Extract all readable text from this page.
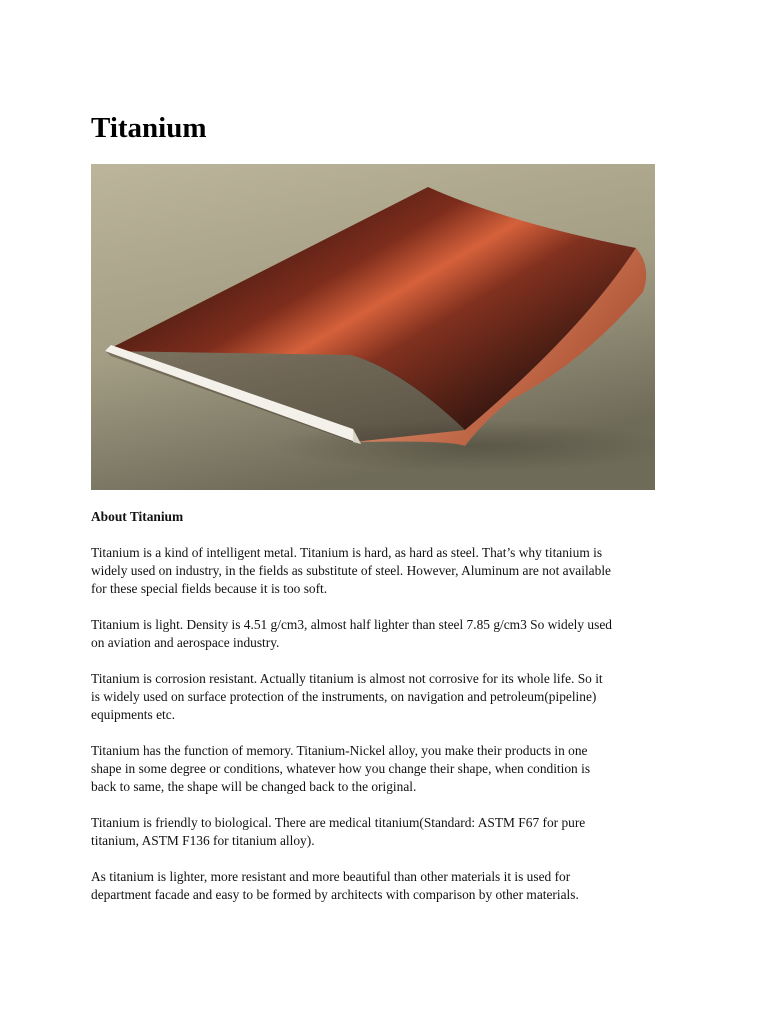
Titanium

About Titanium

Titanium is a kind of intelligent metal. Titanium is hard, as hard as steel. That’s why titanium is
widely used on industry, in the fields as substitute of steel. However, Aluminum are not available
for these special fields because it is too soft.

Titanium is light. Density is 4.51 g/cm3, almost half lighter than steel 7.85 g/cm3 So widely used
on aviation and aerospace industry.

Titanium is corrosion resistant. Actually titanium is almost not corrosive for its whole life. So it
is widely used on surface protection of the instruments, on navigation and petroleum(pipeline)
equipments etc.

Titanium has the function of memory. Titanium-Nickel alloy, you make their products in one
shape in some degree or conditions, whatever how you change their shape, when condition is
back to same, the shape will be changed back to the original.

Titanium is friendly to biological. There are medical titanium(Standard: ASTM F67 for pure
titanium, ASTM F136 for titanium alloy).

As titanium is lighter, more resistant and more beautiful than other materials it is used for
department facade and easy to be formed by architects with comparison by other materials.
